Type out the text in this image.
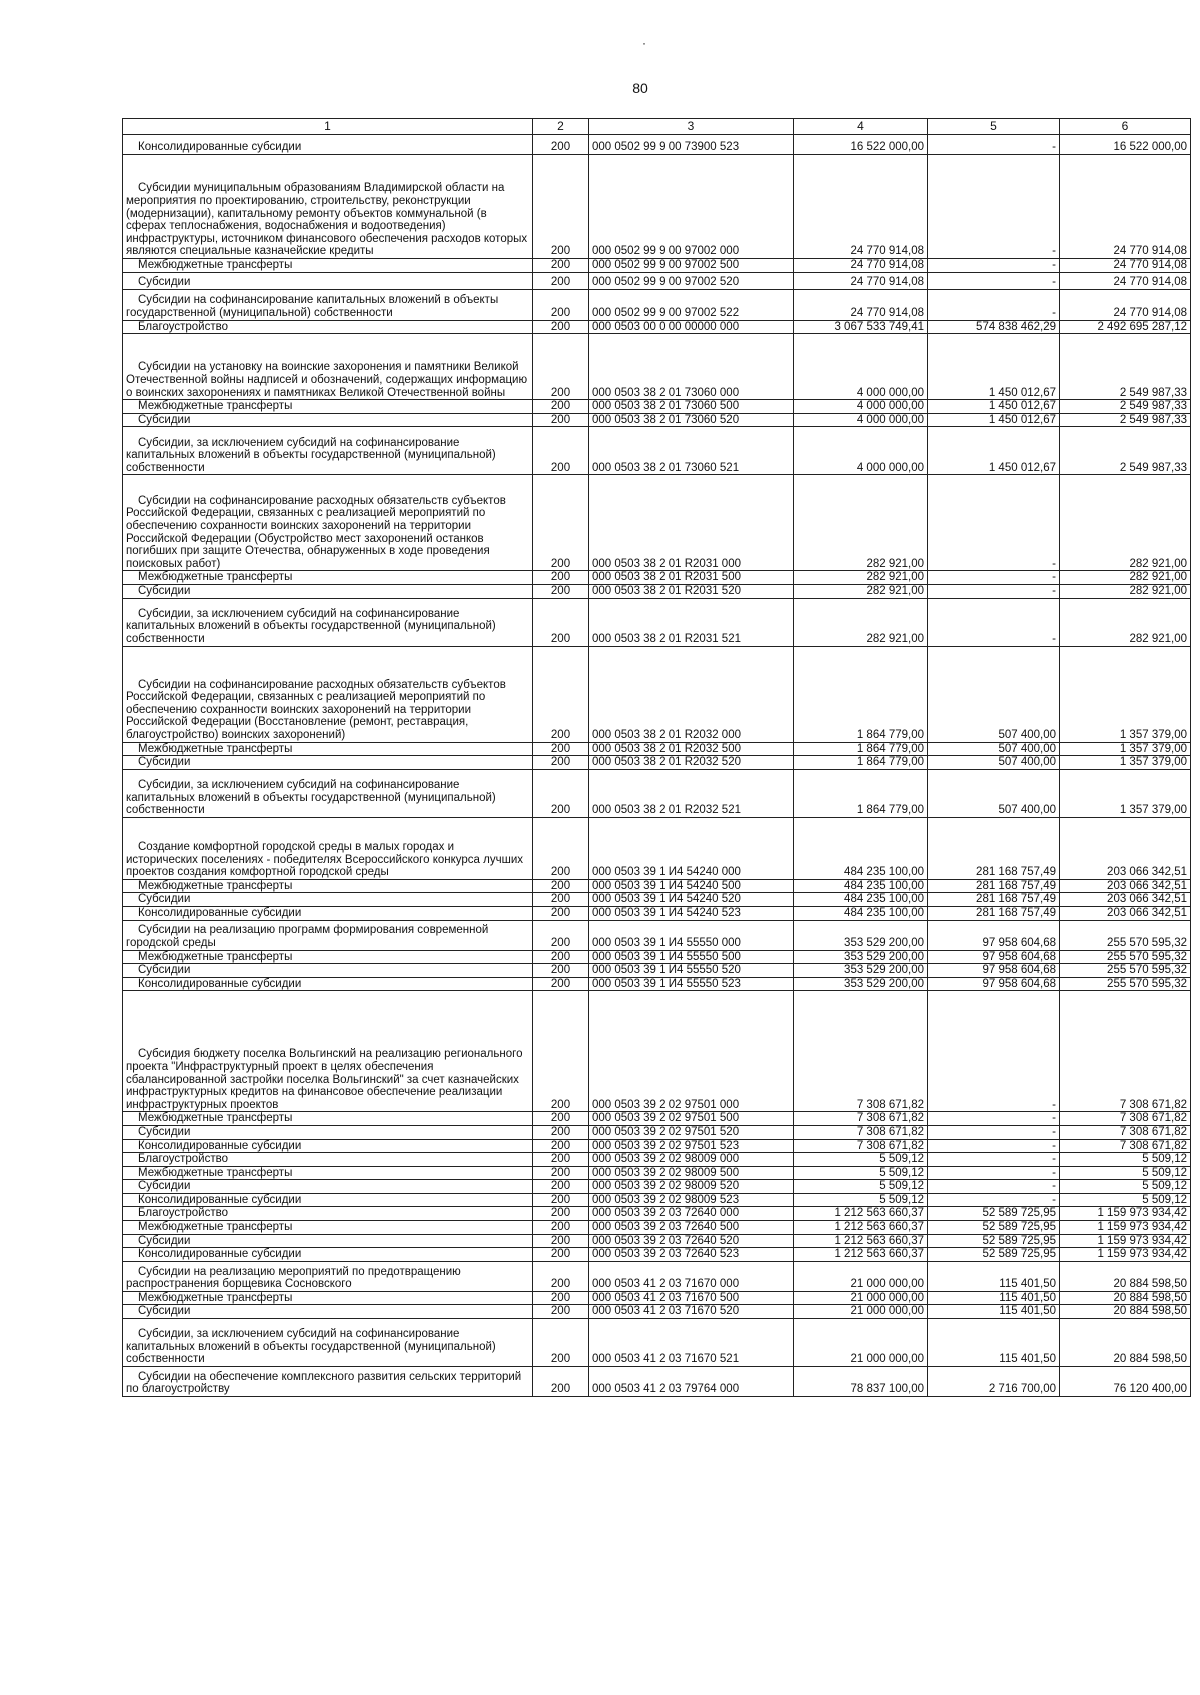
·
80
1	2	3	4	5	6

Консолидированные субсидии	200	000 0502 99 9 00 73900 523	16 522 000,00	-	16 522 000,00

Субсидии муниципальным образованиям Владимирской области на мероприятия по проектированию, строительству, реконструкции (модернизации), капитальному ремонту объектов коммунальной (в сферах теплоснабжения, водоснабжения и водоотведения) инфраструктуры, источником финансового обеспечения расходов которых являются специальные казначейские кредиты	200	000 0502 99 9 00 97002 000	24 770 914,08	-	24 770 914,08

Межбюджетные трансферты	200	000 0502 99 9 00 97002 500	24 770 914,08	-	24 770 914,08

Субсидии	200	000 0502 99 9 00 97002 520	24 770 914,08	-	24 770 914,08

Субсидии на софинансирование капитальных вложений в объекты государственной (муниципальной) собственности	200	000 0502 99 9 00 97002 522	24 770 914,08	-	24 770 914,08

Благоустройство	200	000 0503 00 0 00 00000 000	3 067 533 749,41	574 838 462,29	2 492 695 287,12

Субсидии на установку на воинские захоронения и памятники Великой Отечественной войны надписей и обозначений, содержащих информацию о воинских захоронениях и памятниках Великой Отечественной войны	200	000 0503 38 2 01 73060 000	4 000 000,00	1 450 012,67	2 549 987,33

Межбюджетные трансферты	200	000 0503 38 2 01 73060 500	4 000 000,00	1 450 012,67	2 549 987,33

Субсидии	200	000 0503 38 2 01 73060 520	4 000 000,00	1 450 012,67	2 549 987,33

Субсидии, за исключением субсидий на софинансирование капитальных вложений в объекты государственной (муниципальной) собственности	200	000 0503 38 2 01 73060 521	4 000 000,00	1 450 012,67	2 549 987,33

Субсидии на софинансирование расходных обязательств субъектов Российской Федерации, связанных с реализацией мероприятий по обеспечению сохранности воинских захоронений на территории Российской Федерации (Обустройство мест захоронений останков погибших при защите Отечества, обнаруженных в ходе проведения поисковых работ)	200	000 0503 38 2 01 R2031 000	282 921,00	-	282 921,00

Межбюджетные трансферты	200	000 0503 38 2 01 R2031 500	282 921,00	-	282 921,00

Субсидии	200	000 0503 38 2 01 R2031 520	282 921,00	-	282 921,00

Субсидии, за исключением субсидий на софинансирование капитальных вложений в объекты государственной (муниципальной) собственности	200	000 0503 38 2 01 R2031 521	282 921,00	-	282 921,00

Субсидии на софинансирование расходных обязательств субъектов Российской Федерации, связанных с реализацией мероприятий по обеспечению сохранности воинских захоронений на территории Российской Федерации (Восстановление (ремонт, реставрация, благоустройство) воинских захоронений)	200	000 0503 38 2 01 R2032 000	1 864 779,00	507 400,00	1 357 379,00

Межбюджетные трансферты	200	000 0503 38 2 01 R2032 500	1 864 779,00	507 400,00	1 357 379,00

Субсидии	200	000 0503 38 2 01 R2032 520	1 864 779,00	507 400,00	1 357 379,00

Субсидии, за исключением субсидий на софинансирование капитальных вложений в объекты государственной (муниципальной) собственности	200	000 0503 38 2 01 R2032 521	1 864 779,00	507 400,00	1 357 379,00

Создание комфортной городской среды в малых городах и исторических поселениях - победителях Всероссийского конкурса лучших проектов создания комфортной городской среды	200	000 0503 39 1 И4 54240 000	484 235 100,00	281 168 757,49	203 066 342,51

Межбюджетные трансферты	200	000 0503 39 1 И4 54240 500	484 235 100,00	281 168 757,49	203 066 342,51

Субсидии	200	000 0503 39 1 И4 54240 520	484 235 100,00	281 168 757,49	203 066 342,51

Консолидированные субсидии	200	000 0503 39 1 И4 54240 523	484 235 100,00	281 168 757,49	203 066 342,51

Субсидии на реализацию программ формирования современной городской среды	200	000 0503 39 1 И4 55550 000	353 529 200,00	97 958 604,68	255 570 595,32

Межбюджетные трансферты	200	000 0503 39 1 И4 55550 500	353 529 200,00	97 958 604,68	255 570 595,32

Субсидии	200	000 0503 39 1 И4 55550 520	353 529 200,00	97 958 604,68	255 570 595,32

Консолидированные субсидии	200	000 0503 39 1 И4 55550 523	353 529 200,00	97 958 604,68	255 570 595,32

Субсидия бюджету поселка Вольгинский на реализацию регионального проекта "Инфраструктурный проект в целях обеспечения сбалансированной застройки поселка Вольгинский" за счет казначейских инфраструктурных кредитов на финансовое обеспечение реализации инфраструктурных проектов	200	000 0503 39 2 02 97501 000	7 308 671,82	-	7 308 671,82

Межбюджетные трансферты	200	000 0503 39 2 02 97501 500	7 308 671,82	-	7 308 671,82

Субсидии	200	000 0503 39 2 02 97501 520	7 308 671,82	-	7 308 671,82

Консолидированные субсидии	200	000 0503 39 2 02 97501 523	7 308 671,82	-	7 308 671,82

Благоустройство	200	000 0503 39 2 02 98009 000	5 509,12	-	5 509,12

Межбюджетные трансферты	200	000 0503 39 2 02 98009 500	5 509,12	-	5 509,12

Субсидии	200	000 0503 39 2 02 98009 520	5 509,12	-	5 509,12

Консолидированные субсидии	200	000 0503 39 2 02 98009 523	5 509,12	-	5 509,12

Благоустройство	200	000 0503 39 2 03 72640 000	1 212 563 660,37	52 589 725,95	1 159 973 934,42

Межбюджетные трансферты	200	000 0503 39 2 03 72640 500	1 212 563 660,37	52 589 725,95	1 159 973 934,42

Субсидии	200	000 0503 39 2 03 72640 520	1 212 563 660,37	52 589 725,95	1 159 973 934,42

Консолидированные субсидии	200	000 0503 39 2 03 72640 523	1 212 563 660,37	52 589 725,95	1 159 973 934,42

Субсидии на реализацию мероприятий по предотвращению распространения борщевика Сосновского	200	000 0503 41 2 03 71670 000	21 000 000,00	115 401,50	20 884 598,50

Межбюджетные трансферты	200	000 0503 41 2 03 71670 500	21 000 000,00	115 401,50	20 884 598,50

Субсидии	200	000 0503 41 2 03 71670 520	21 000 000,00	115 401,50	20 884 598,50

Субсидии, за исключением субсидий на софинансирование капитальных вложений в объекты государственной (муниципальной) собственности	200	000 0503 41 2 03 71670 521	21 000 000,00	115 401,50	20 884 598,50

Субсидии на обеспечение комплексного развития сельских территорий по благоустройству	200	000 0503 41 2 03 79764 000	78 837 100,00	2 716 700,00	76 120 400,00
